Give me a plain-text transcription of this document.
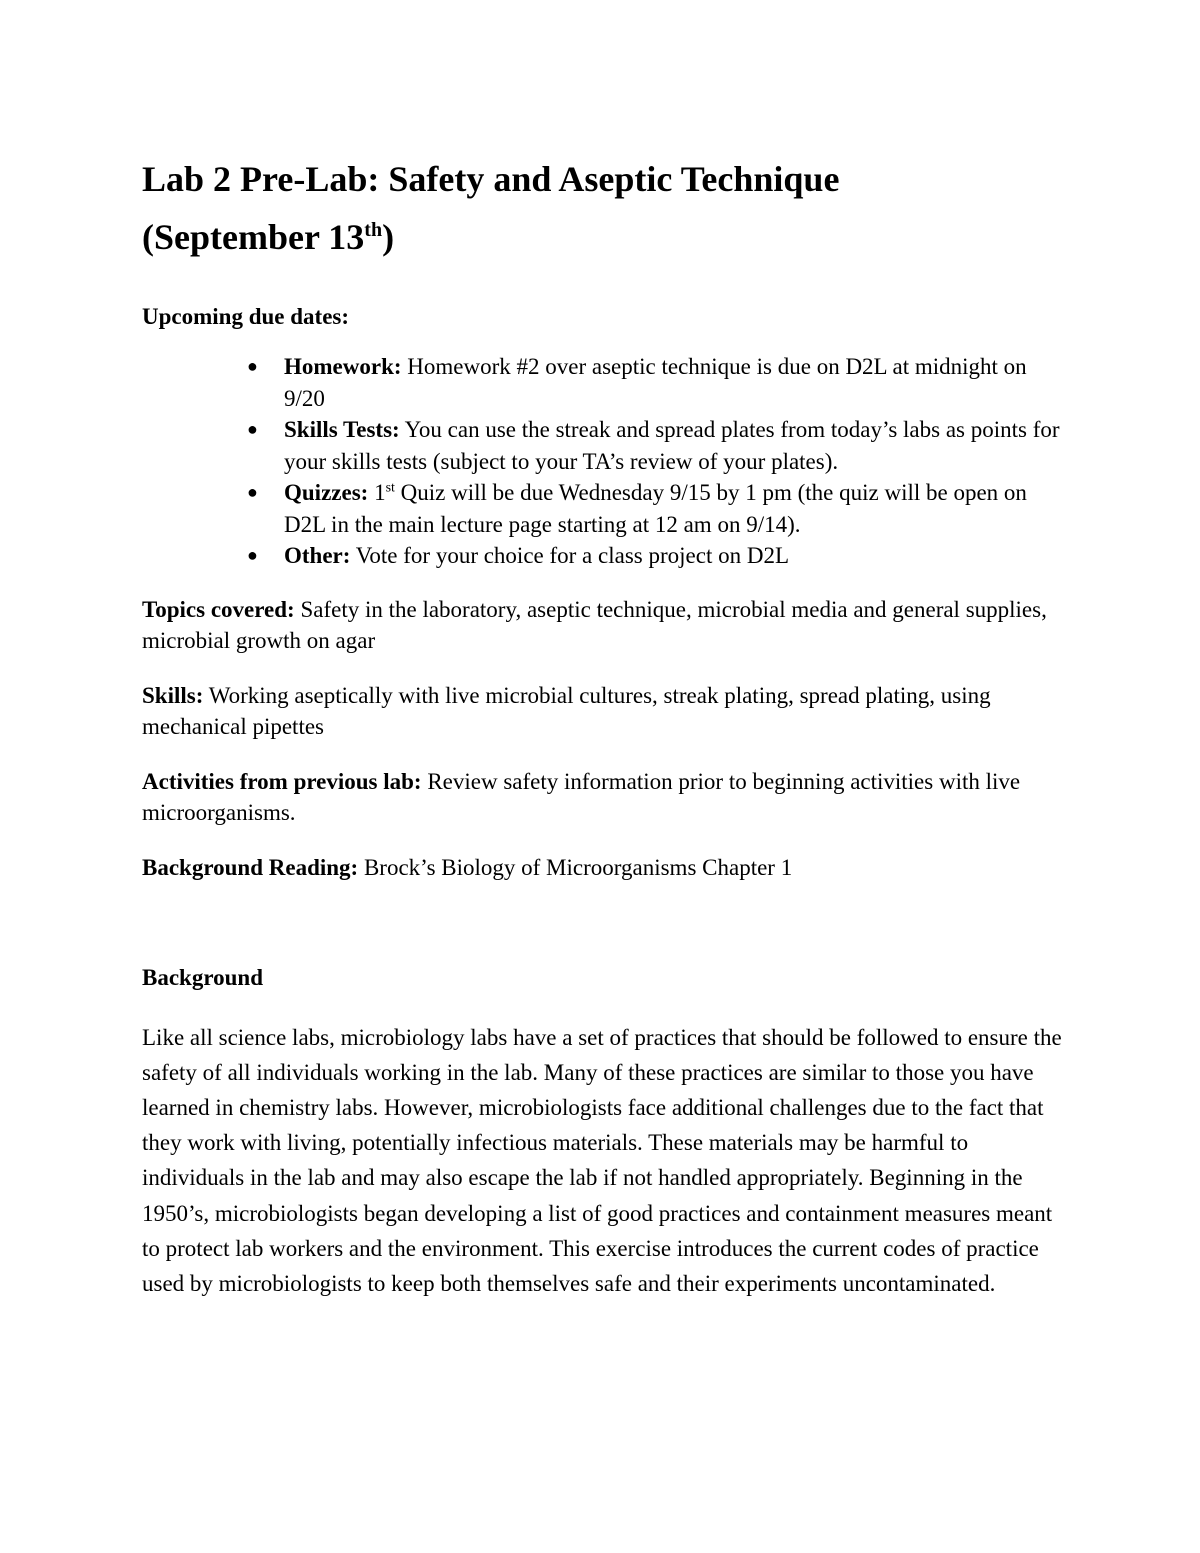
Lab 2 Pre-Lab: Safety and Aseptic Technique
(September 13th)
Upcoming due dates:
● Homework: Homework #2 over aseptic technique is due on D2L at midnight on 9/20
● Skills Tests: You can use the streak and spread plates from today’s labs as points for your skills tests (subject to your TA’s review of your plates).
● Quizzes: 1st Quiz will be due Wednesday 9/15 by 1 pm (the quiz will be open on D2L in the main lecture page starting at 12 am on 9/14).
● Other: Vote for your choice for a class project on D2L
Topics covered: Safety in the laboratory, aseptic technique, microbial media and general supplies, microbial growth on agar
Skills: Working aseptically with live microbial cultures, streak plating, spread plating, using mechanical pipettes
Activities from previous lab: Review safety information prior to beginning activities with live microorganisms.
Background Reading: Brock’s Biology of Microorganisms Chapter 1
Background
Like all science labs, microbiology labs have a set of practices that should be followed to ensure the safety of all individuals working in the lab. Many of these practices are similar to those you have learned in chemistry labs. However, microbiologists face additional challenges due to the fact that they work with living, potentially infectious materials. These materials may be harmful to individuals in the lab and may also escape the lab if not handled appropriately. Beginning in the 1950’s, microbiologists began developing a list of good practices and containment measures meant to protect lab workers and the environment. This exercise introduces the current codes of practice used by microbiologists to keep both themselves safe and their experiments uncontaminated.
